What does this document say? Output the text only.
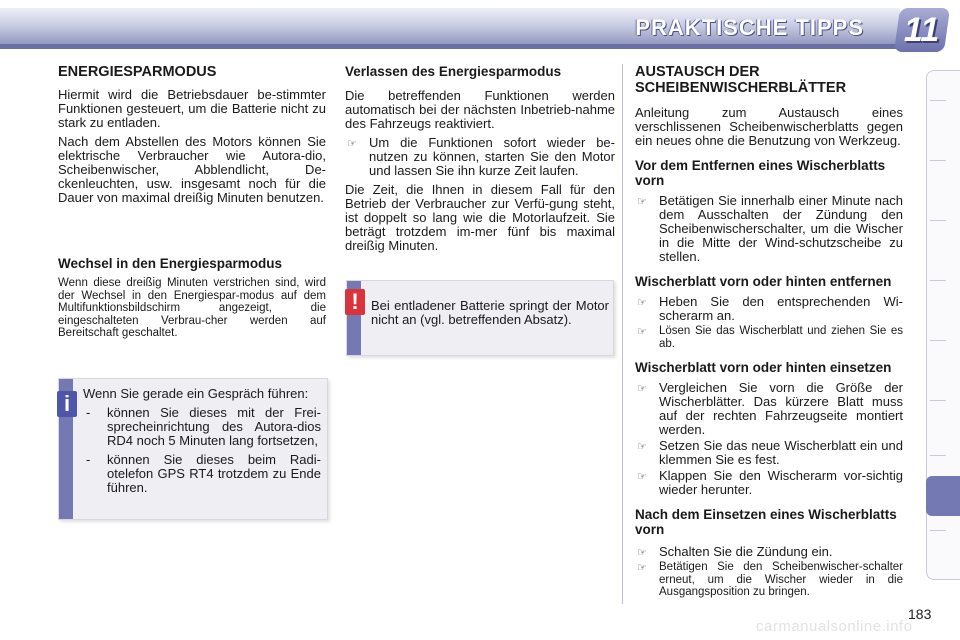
PRAKTISCHE TIPPS 11
ENERGIESPARMODUS

Hiermit wird die Betriebsdauer be-stimmter Funktionen gesteuert, um die Batterie nicht zu stark zu entladen.

Nach dem Abstellen des Motors können Sie elektrische Verbraucher wie Autora-dio, Scheibenwischer, Abblendlicht, De-ckenleuchten, usw. insgesamt noch für die Dauer von maximal dreißig Minuten benutzen.

Wechsel in den Energiesparmodus

Wenn diese dreißig Minuten verstrichen sind, wird der Wechsel in den Energiespar-modus auf dem Multifunktionsbildschirm angezeigt, die eingeschalteten Verbrau-cher werden auf Bereitschaft geschaltet.

i Wenn Sie gerade ein Gespräch führen:

- können Sie dieses mit der Frei-sprecheinrichtung des Autora-dios RD4 noch 5 Minuten lang fortsetzen,
- können Sie dieses beim Radi-otelefon GPS RT4 trotzdem zu Ende führen.
Verlassen des Energiesparmodus

Die betreffenden Funktionen werden automatisch bei der nächsten Inbetrieb-nahme des Fahrzeugs reaktiviert.

☞ Um die Funktionen sofort wieder be-nutzen zu können, starten Sie den Motor und lassen Sie ihn kurze Zeit laufen.

Die Zeit, die Ihnen in diesem Fall für den Betrieb der Verbraucher zur Verfü-gung steht, ist doppelt so lang wie die Motorlaufzeit. Sie beträgt trotzdem im-mer fünf bis maximal dreißig Minuten.

! Bei entladener Batterie springt der Motor nicht an (vgl. betreffenden Absatz).

AUSTAUSCH DER SCHEIBENWISCHERBLÄTTER

Anleitung zum Austausch eines verschlissenen Scheibenwischerblatts gegen ein neues ohne die Benutzung von Werkzeug.

Vor dem Entfernen eines Wischerblatts vorn
☞ Betätigen Sie innerhalb einer Minute nach dem Ausschalten der Zündung den Scheibenwischerschalter, um die Wischer in die Mitte der Wind-schutzscheibe zu stellen.
Wischerblatt vorn oder hinten entfernen
☞ Heben Sie den entsprechenden Wi-scherarm an.
☞ Lösen Sie das Wischerblatt und ziehen Sie es ab.
Wischerblatt vorn oder hinten einsetzen
☞ Vergleichen Sie vorn die Größe der Wischerblätter. Das kürzere Blatt muss auf der rechten Fahrzeugseite montiert werden.
☞ Setzen Sie das neue Wischerblatt ein und klemmen Sie es fest.
☞ Klappen Sie den Wischerarm vor-sichtig wieder herunter.
Nach dem Einsetzen eines Wischerblatts vorn
☞ Schalten Sie die Zündung ein.
☞ Betätigen Sie den Scheibenwischer-schalter erneut, um die Wischer wieder in die Ausgangsposition zu bringen.
183
carmanualsonline.info
